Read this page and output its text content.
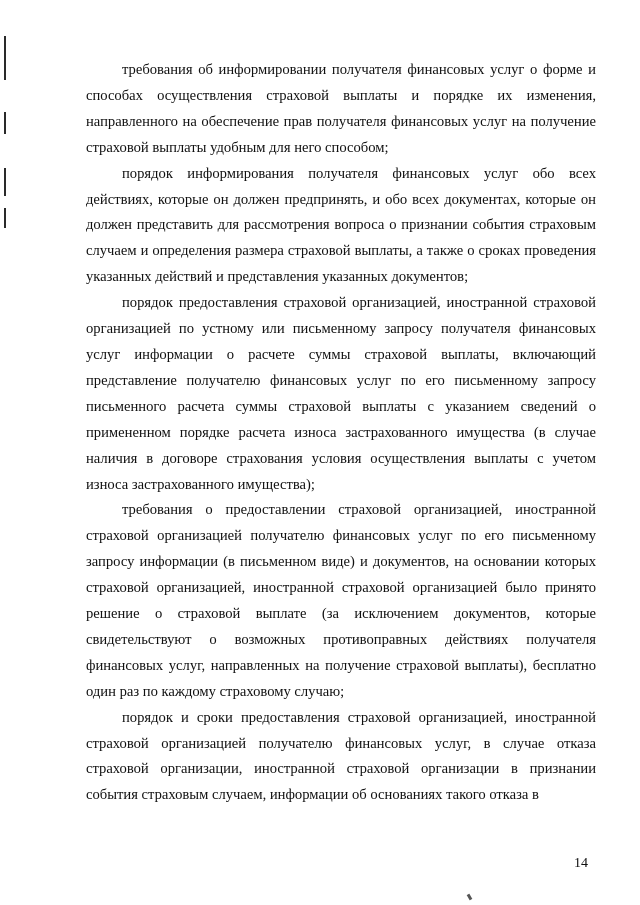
требования об информировании получателя финансовых услуг о форме и способах осуществления страховой выплаты и порядке их изменения, направленного на обеспечение прав получателя финансовых услуг на получение страховой выплаты удобным для него способом;

порядок информирования получателя финансовых услуг обо всех действиях, которые он должен предпринять, и обо всех документах, которые он должен представить для рассмотрения вопроса о признании события страховым случаем и определения размера страховой выплаты, а также о сроках проведения указанных действий и представления указанных документов;

порядок предоставления страховой организацией, иностранной страховой организацией по устному или письменному запросу получателя финансовых услуг информации о расчете суммы страховой выплаты, включающий представление получателю финансовых услуг по его письменному запросу письменного расчета суммы страховой выплаты с указанием сведений о примененном порядке расчета износа застрахованного имущества (в случае наличия в договоре страхования условия осуществления выплаты с учетом износа застрахованного имущества);

требования о предоставлении страховой организацией, иностранной страховой организацией получателю финансовых услуг по его письменному запросу информации (в письменном виде) и документов, на основании которых страховой организацией, иностранной страховой организацией было принято решение о страховой выплате (за исключением документов, которые свидетельствуют о возможных противоправных действиях получателя финансовых услуг, направленных на получение страховой выплаты), бесплатно один раз по каждому страховому случаю;

порядок и сроки предоставления страховой организацией, иностранной страховой организацией получателю финансовых услуг, в случае отказа страховой организации, иностранной страховой организации в признании события страховым случаем, информации об основаниях такого отказа в

14
